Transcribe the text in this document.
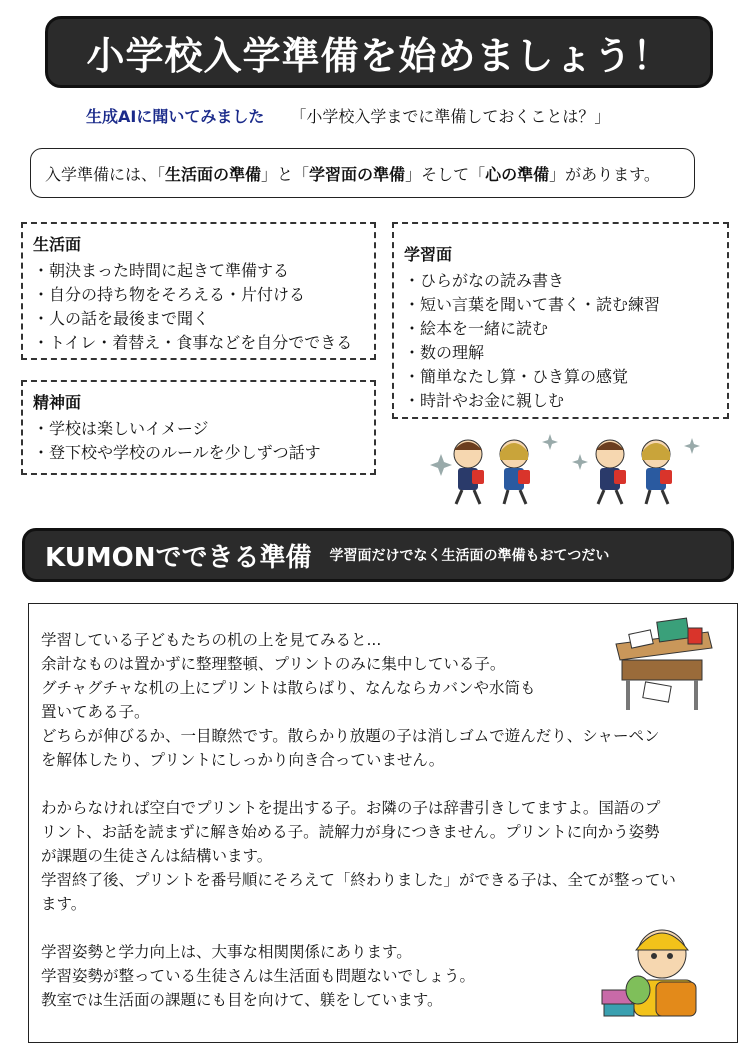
小学校入学準備を始めましょう！
生成AIに聞いてみました 「小学校入学までに準備しておくことは？」
入学準備には、「 生活面の準備 」と「 学習面の準備 」そして「 心の準備 」があります。
生活面
・朝決まった時間に起きて準備する
・自分の持ち物をそろえる・片付ける
・人の話を最後まで聞く
・トイレ・着替え・食事などを自分でできる
学習面
・ひらがなの読み書き
・短い言葉を聞いて書く・読む練習
・絵本を一緒に読む
・数の理解
・簡単なたし算・ひき算の感覚
・時計やお金に親しむ
精神面
・学校は楽しいイメージ
・登下校や学校のルールを少しずつ話す
KUMONでできる準備 学習面だけでなく生活面の準備もおてつだい

学習している子どもたちの机の上を見てみると...

余計なものは置かずに整理整頓、プリントのみに集中している子。

グチャグチャな机の上にプリントは散らばり、なんならカバンや水筒も

置いてある子。

どちらが伸びるか、一目瞭然です。散らかり放題の子は消しゴムで遊んだり、シャーペン

を解体したり、プリントにしっかり向き合っていません。

わからなければ空白でプリントを提出する子。お隣の子は辞書引きしてますよ。国語のプ

リント、お話を読まずに解き始める子。読解力が身につきません。プリントに向かう姿勢

が課題の生徒さんは結構います。

学習終了後、プリントを番号順にそろえて「終わりました」ができる子は、全てが整ってい

ます。

学習姿勢と学力向上は、大事な相関関係にあります。

学習姿勢が整っている生徒さんは生活面も問題ないでしょう。

教室では生活面の課題にも目を向けて、躾をしています。
